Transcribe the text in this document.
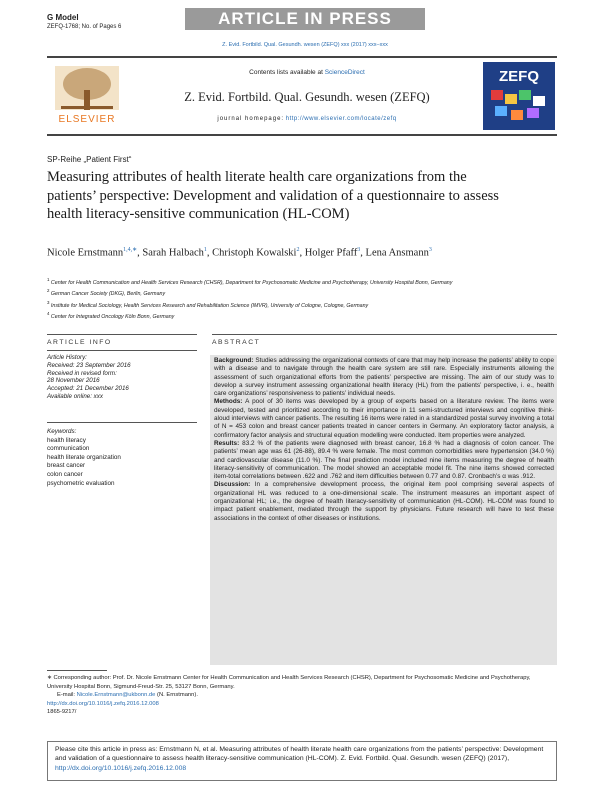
G Model
ZEFQ-1768; No. of Pages 6	ARTICLE IN PRESS
Z. Evid. Fortbild. Qual. Gesundh. wesen (ZEFQ) xxx (2017) xxx–xxx
ELSEVIER
Contents lists available at ScienceDirect
Z. Evid. Fortbild. Qual. Gesundh. wesen (ZEFQ)
journal homepage: http://www.elsevier.com/locate/zefq
ZEFQ
SP-Reihe „Patient First“
Measuring attributes of health literate health care organizations from the patients’ perspective: Development and validation of a questionnaire to assess health literacy-sensitive communication (HL-COM)
Nicole Ernstmann$^{1,4,∗}$, Sarah Halbach$^1$, Christoph Kowalski$^2$, Holger Pfaff$^3$, Lena Ansmann$^3$
$^1$ Center for Health Communication and Health Services Research (CHSR), Department for Psychosomatic Medicine and Psychotherapy, University Hospital Bonn, Germany
$^2$ German Cancer Society (DKG), Berlin, Germany
$^3$ Institute for Medical Sociology, Health Services Research and Rehabilitation Science (IMVR), University of Cologne, Cologne, Germany
$^4$ Center for Integrated Oncology Köln Bonn, Germany
ARTICLE INFO	ABSTRACT
Article History:
Received: 23 September 2016
Received in revised form:
28 November 2016
Accepted: 21 December 2016
Available online: xxx
Keywords:
health literacy
communication
health literate organization
breast cancer
colon cancer
psychometric evaluation

Background: Studies addressing the organizational contexts of care that may help increase the patients’ ability to cope with a disease and to navigate through the health care system are still rare. Especially instruments allowing the assessment of such organizational efforts from the patients’ perspective are missing. The aim of our study was to develop a survey instrument assessing organizational health literacy (HL) from the patients’ perspective, i. e., health care organizations’ responsiveness to patients’ individual needs.

Methods: A pool of 30 items was developed by a group of experts based on a literature review. The items were developed, tested and prioritized according to their importance in 11 semi-structured interviews and cognitive think-aloud interviews with cancer patients. The resulting 16 items were rated in a standardized postal survey involving a total of N = 453 colon and breast cancer patients treated in cancer centers in Germany. An exploratory factor analysis, a confirmatory factor analysis and structural equation modelling were conducted. Item properties were analyzed.

Results: 83.2 % of the patients were diagnosed with breast cancer, 16.8 % had a diagnosis of colon cancer. The patients’ mean age was 61 (26-88), 89.4 % were female. The most common comorbidities were hypertension (34.0 %) and cardiovascular disease (11.0 %). The final prediction model included nine items measuring the degree of health literacy-sensitivity of communication. The model showed an acceptable model fit. The nine items showed corrected item-total correlations between .622 and .762 and item difficulties between 0.77 and 0.87. Cronbach’s α was .912.

Discussion: In a comprehensive development process, the original item pool comprising several aspects of organizational HL was reduced to a one-dimensional scale. The instrument measures an important aspect of organizational HL; i.e., the degree of health literacy-sensitivity of communication (HL-COM). HL-COM was found to impact patient enablement, mediated through the support by physicians. Future research will have to test these associations in the context of other diseases or institutions.

∗ Corresponding author: Prof. Dr. Nicole Ernstmann Center for Health Communication and Health Services Research (CHSR), Department for Psychosomatic Medicine and Psychotherapy, University Hospital Bonn, Sigmund-Freud-Str. 25, 53127 Bonn, Germany.
E-mail: Nicole.Ernstmann@ukbonn.de (N. Ernstmann).
http://dx.doi.org/10.1016/j.zefq.2016.12.008
1865-9217/
Please cite this article in press as: Ernstmann N, et al. Measuring attributes of health literate health care organizations from the patients’ perspective: Development and validation of a questionnaire to assess health literacy-sensitive communication (HL-COM). Z. Evid. Fortbild. Qual. Gesundh. wesen (ZEFQ) (2017), http://dx.doi.org/10.1016/j.zefq.2016.12.008
